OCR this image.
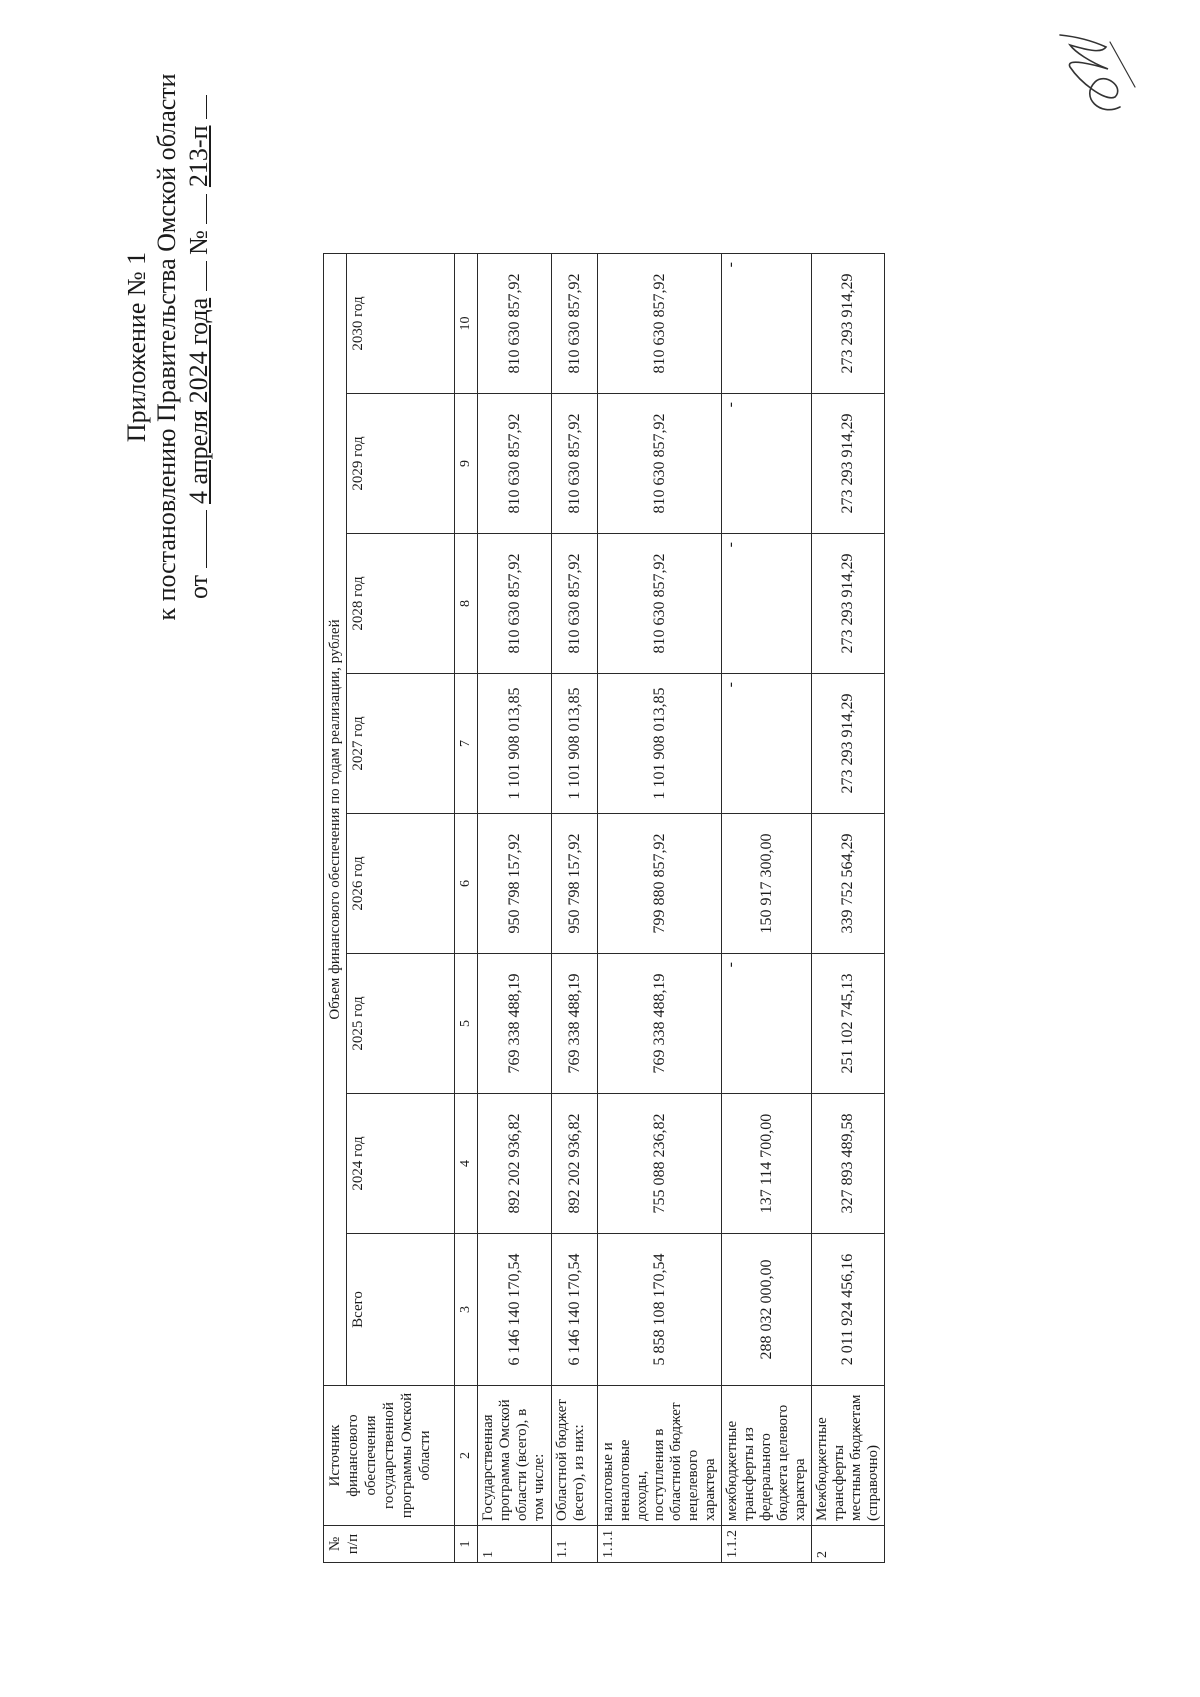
Приложение № 1 к постановлению Правительства Омской области от  4 апреля 2024 года  №  213-п
№ п/п	Источник финансового обеспечения государственной программы Омской области	Объем финансового обеспечения по годам реализации, рублей							
		Всего	2024 год	2025 год	2026 год	2027 год	2028 год	2029 год	2030 год
1	2	3	4	5	6	7	8	9	10
1	Государственная программа Омской области (всего), в том числе:	6 146 140 170,54	892 202 936,82	769 338 488,19	950 798 157,92	1 101 908 013,85	810 630 857,92	810 630 857,92	810 630 857,92
1.1	Областной бюджет (всего), из них:	6 146 140 170,54	892 202 936,82	769 338 488,19	950 798 157,92	1 101 908 013,85	810 630 857,92	810 630 857,92	810 630 857,92
1.1.1	налоговые и неналоговые доходы, поступления в областной бюджет нецелевого характера	5 858 108 170,54	755 088 236,82	769 338 488,19	799 880 857,92	1 101 908 013,85	810 630 857,92	810 630 857,92	810 630 857,92
1.1.2	межбюджетные трансферты из федерального бюджета целевого характера	288 032 000,00	137 114 700,00	-	150 917 300,00	-	-	-	-
2	Межбюджетные трансферты местным бюджетам (справочно)	2 011 924 456,16	327 893 489,58	251 102 745,13	339 752 564,29	273 293 914,29	273 293 914,29	273 293 914,29	273 293 914,29
